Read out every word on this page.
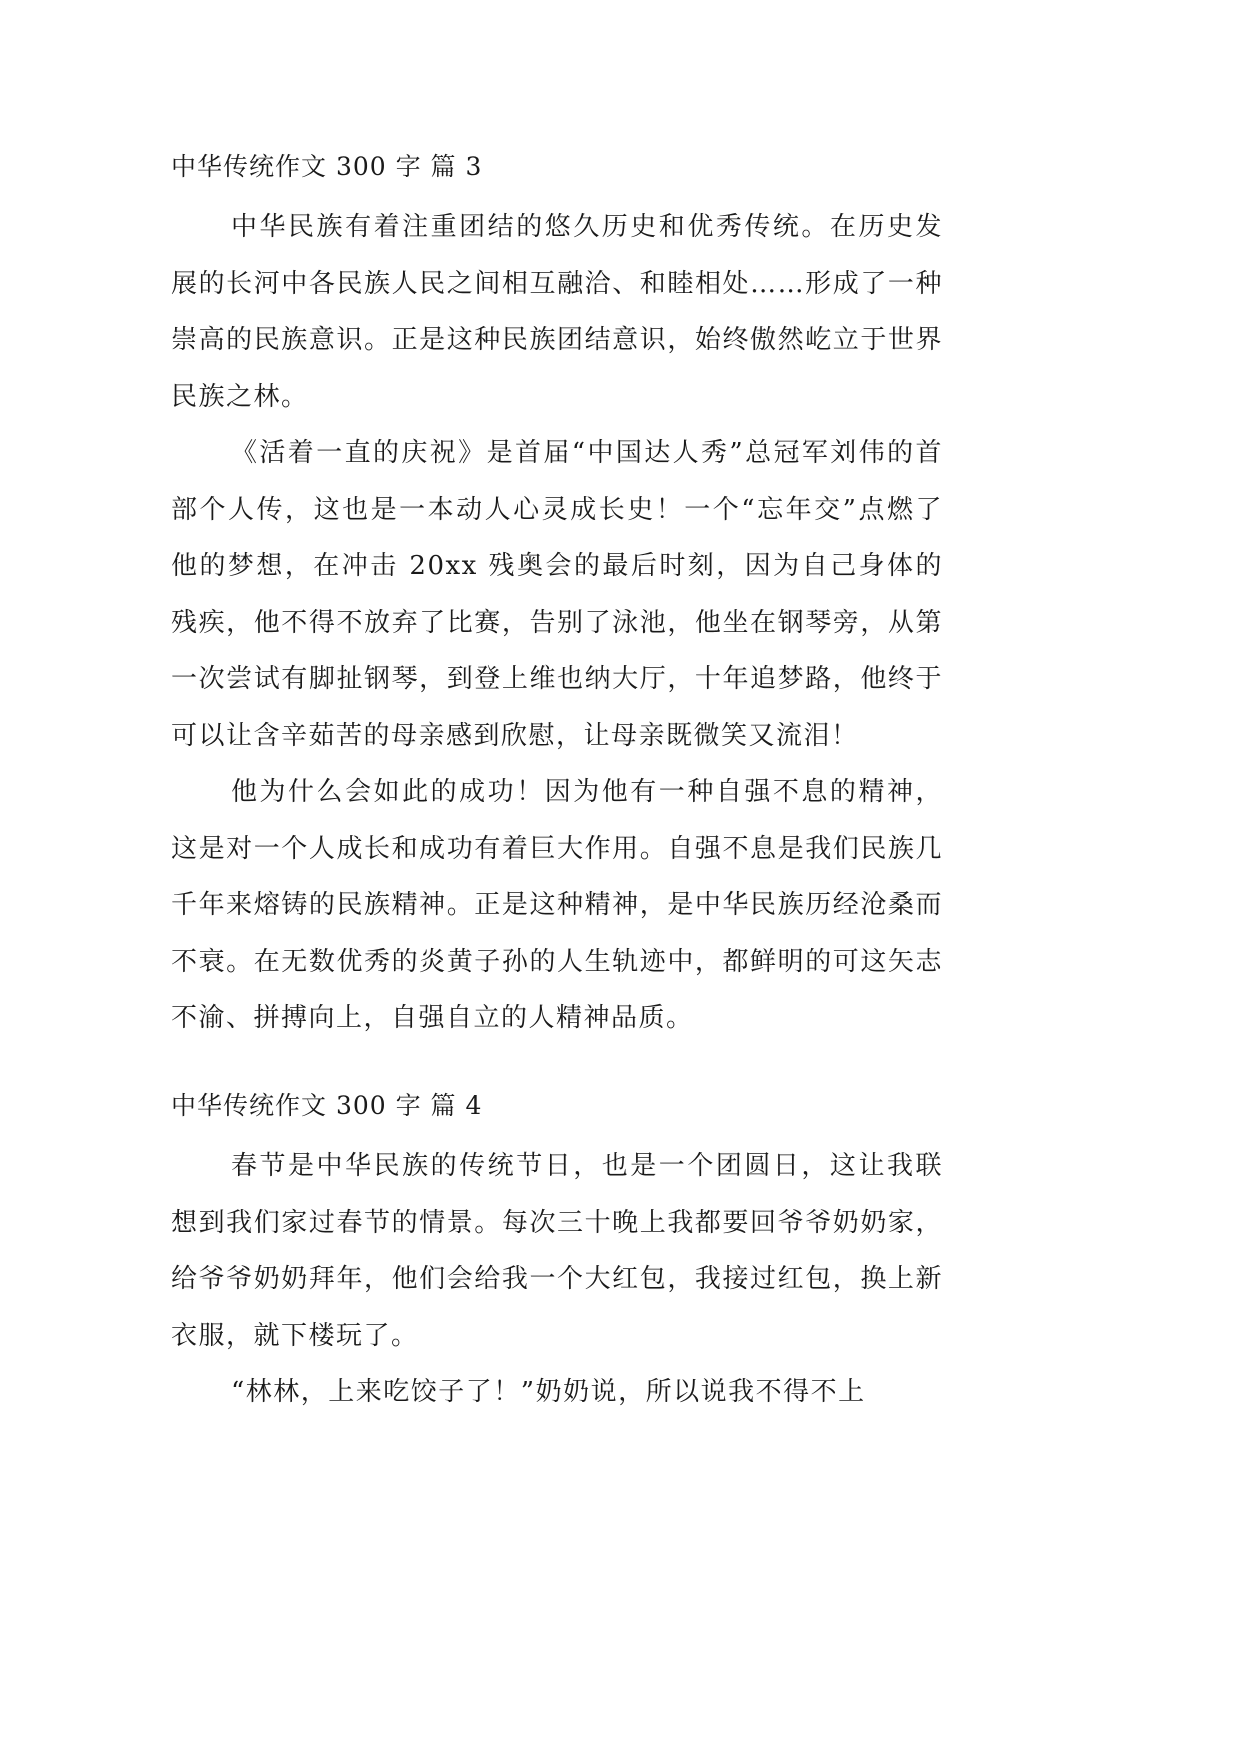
中华传统作文 300 字 篇 3

中华民族有着注重团结的悠久历史和优秀传统。在历史发展的长河中各民族人民之间相互融洽、和睦相处……形成了一种崇高的民族意识。正是这种民族团结意识，始终傲然屹立于世界民族之林。

《活着一直的庆祝》是首届“中国达人秀”总冠军刘伟的首部个人传，这也是一本动人心灵成长史！一个“忘年交”点燃了他的梦想，在冲击 20xx 残奥会的最后时刻，因为自己身体的残疾，他不得不放弃了比赛，告别了泳池，他坐在钢琴旁，从第一次尝试有脚扯钢琴，到登上维也纳大厅，十年追梦路，他终于可以让含辛茹苦的母亲感到欣慰，让母亲既微笑又流泪！

他为什么会如此的成功！因为他有一种自强不息的精神，这是对一个人成长和成功有着巨大作用。自强不息是我们民族几千年来熔铸的民族精神。正是这种精神，是中华民族历经沧桑而不衰。在无数优秀的炎黄子孙的人生轨迹中，都鲜明的可这矢志不渝、拼搏向上，自强自立的人精神品质。

中华传统作文 300 字 篇 4

春节是中华民族的传统节日，也是一个团圆日，这让我联想到我们家过春节的情景。每次三十晚上我都要回爷爷奶奶家，给爷爷奶奶拜年，他们会给我一个大红包，我接过红包，换上新衣服，就下楼玩了。

“林林，上来吃饺子了！”奶奶说，所以说我不得不上
